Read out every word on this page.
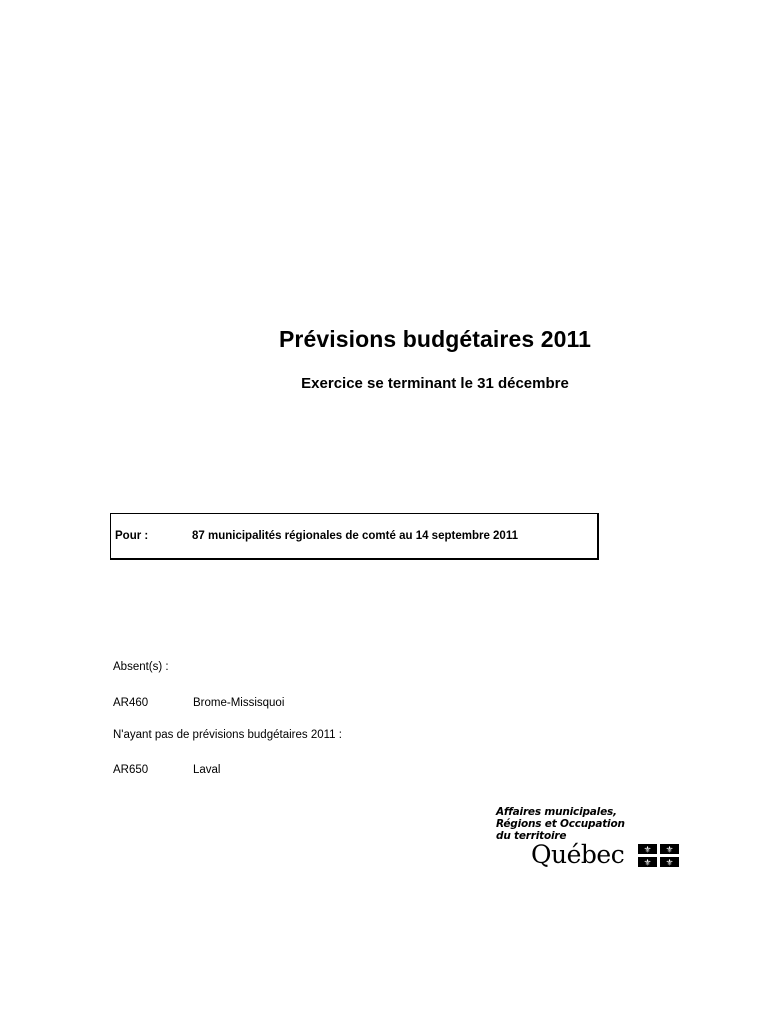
Prévisions budgétaires 2011
Exercice se terminant le 31 décembre
Pour :	87 municipalités régionales de comté au 14 septembre 2011
Absent(s) :
AR460	Brome-Missisquoi
N'ayant pas de prévisions budgétaires 2011 :
AR650	Laval
Affaires municipales,
Régions et Occupation
du territoire
Québec ⚜ ⚜
⚜ ⚜
